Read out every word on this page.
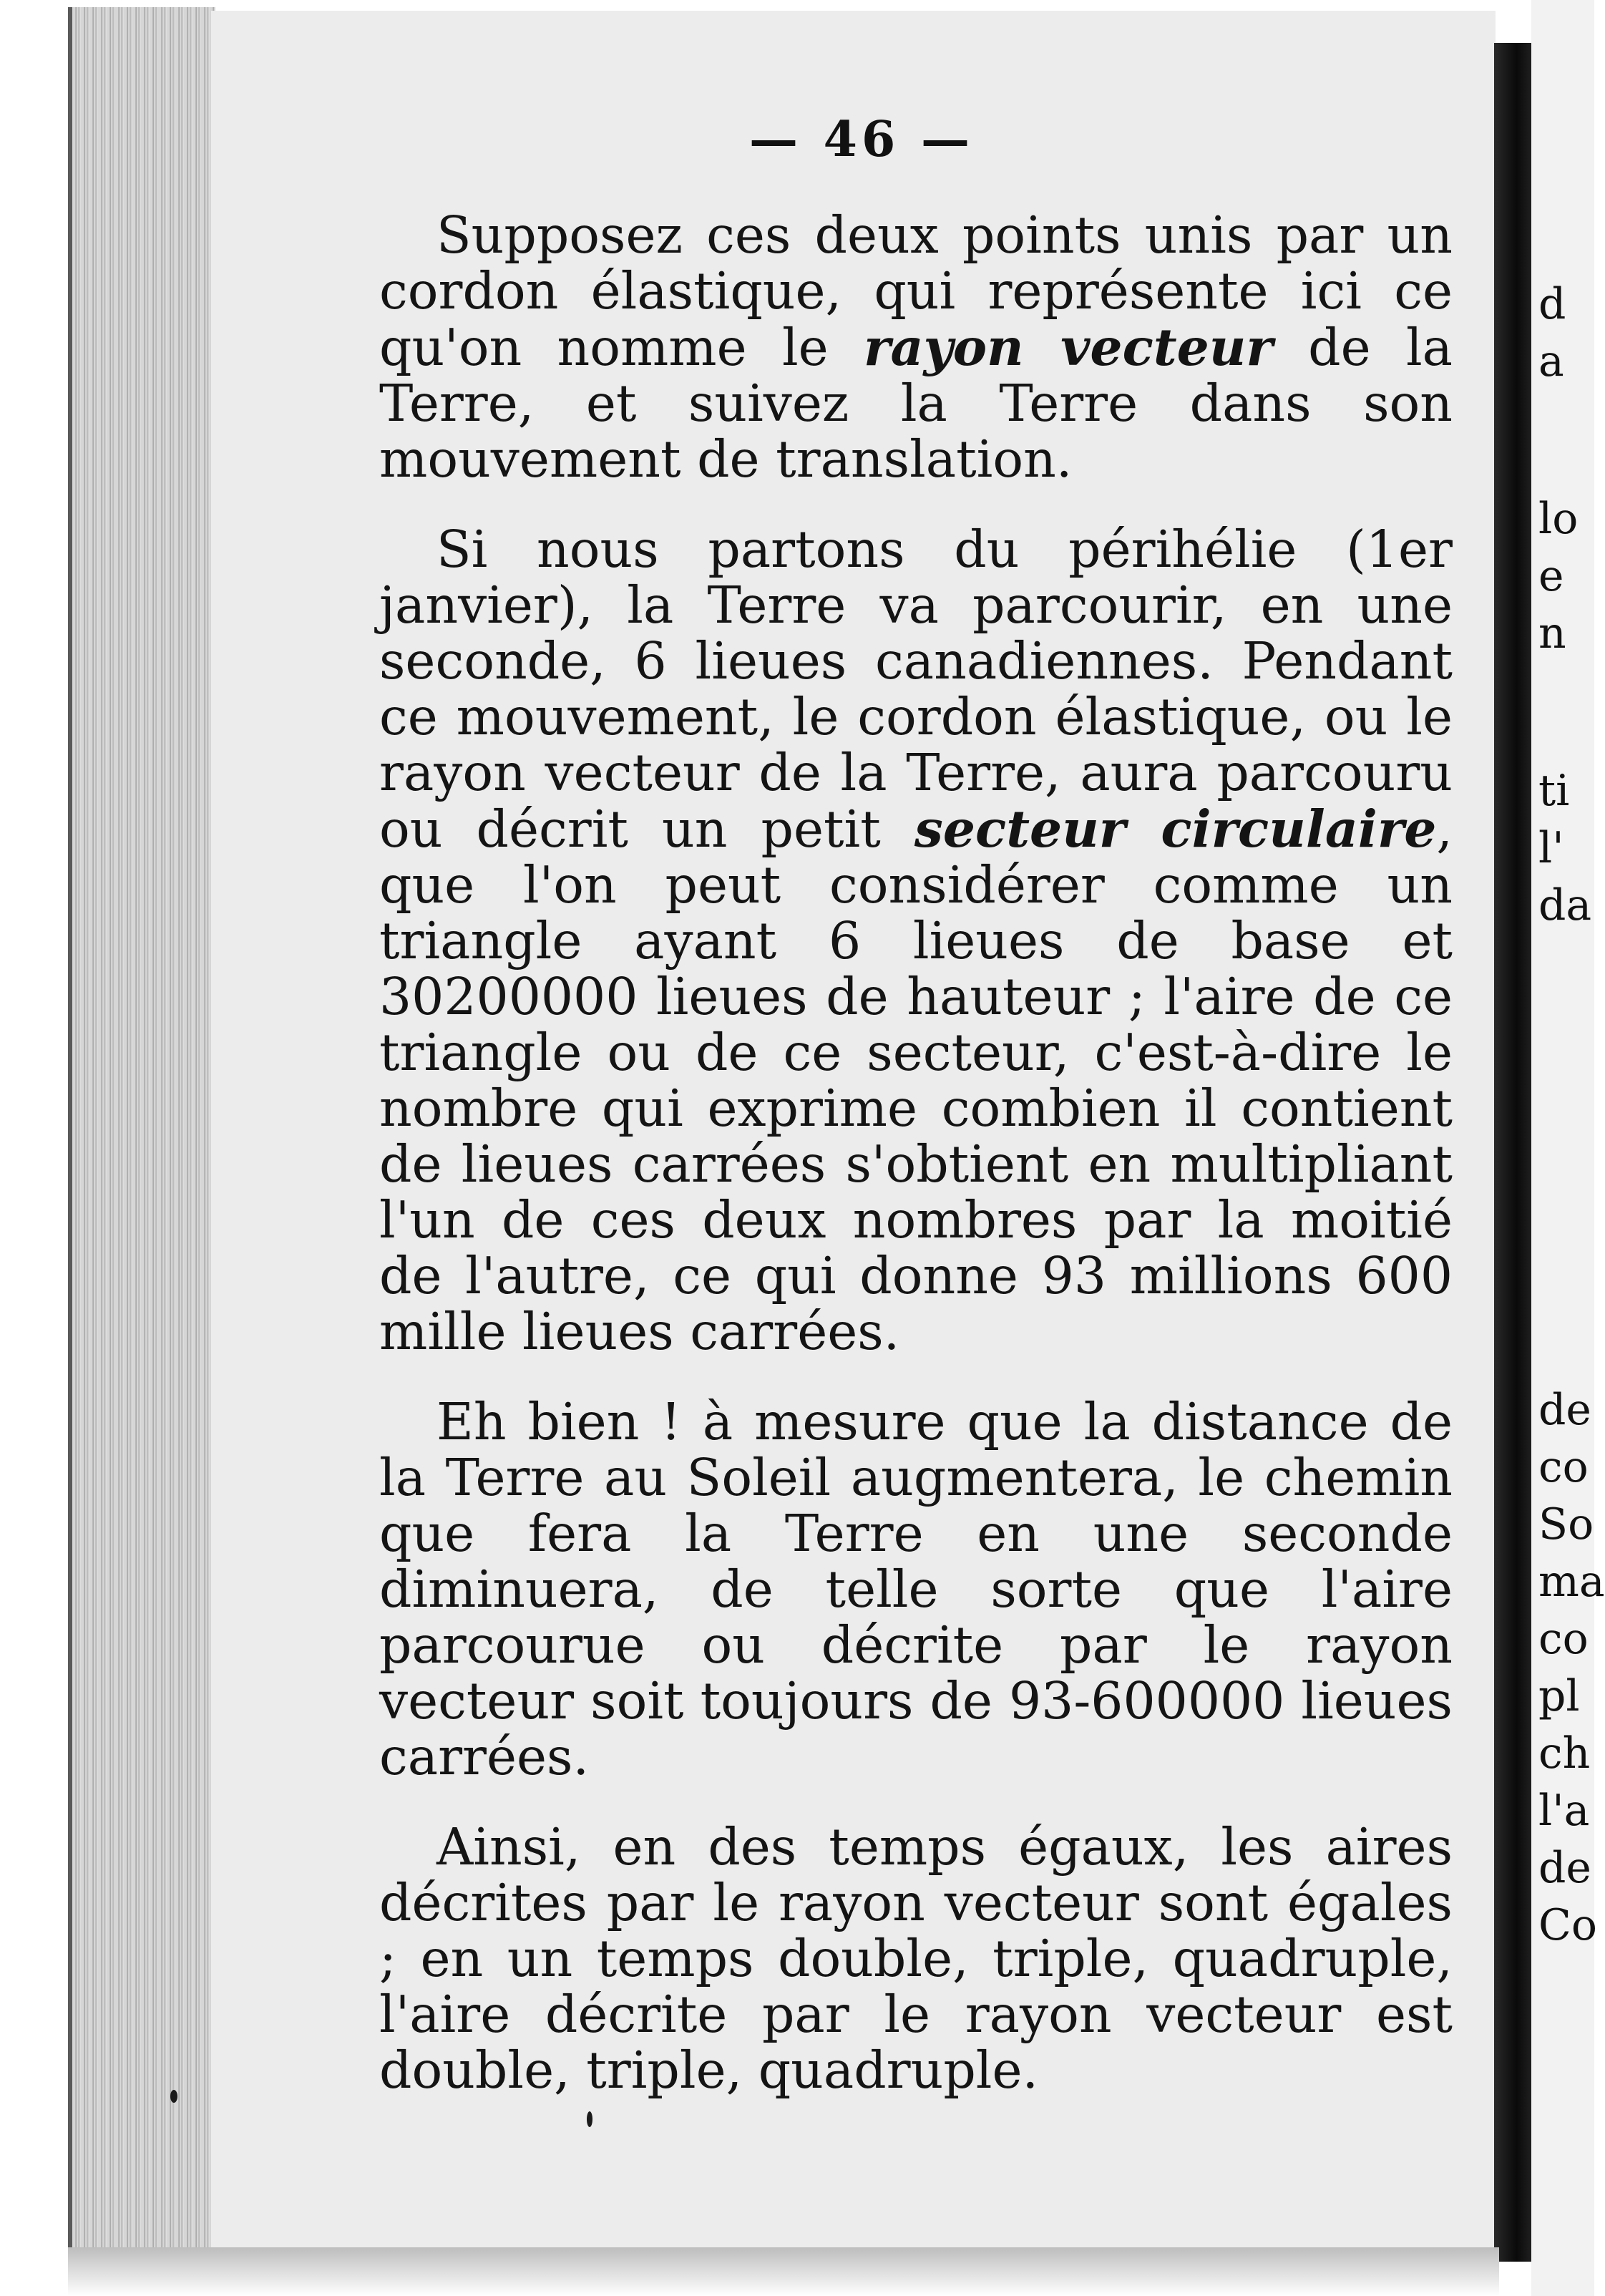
— 46 —

Supposez ces deux points unis par un cordon élastique, qui représente ici ce qu'on nomme le rayon vecteur de la Terre, et suivez la Terre dans son mouvement de translation.

Si nous partons du périhélie (1er janvier), la Terre va parcourir, en une seconde, 6 lieues canadiennes. Pendant ce mouvement, le cordon élastique, ou le rayon vecteur de la Terre, aura parcouru ou décrit un petit secteur circulaire, que l'on peut considérer comme un triangle ayant 6 lieues de base et 30200000 lieues de hauteur ; l'aire de ce triangle ou de ce secteur, c'est-à-dire le nombre qui exprime combien il contient de lieues carrées s'obtient en multipliant l'un de ces deux nombres par la moitié de l'autre, ce qui donne 93 millions 600 mille lieues carrées.

Eh bien ! à mesure que la distance de la Terre au Soleil augmentera, le chemin que fera la Terre en une seconde diminuera, de telle sorte que l'aire parcourue ou décrite par le rayon vecteur soit toujours de 93-600000 lieues carrées.

Ainsi, en des temps égaux, les aires décrites par le rayon vecteur sont égales ; en un temps double, triple, quadruple, l'aire décrite par le rayon vecteur est double, triple, quadruple.

d
a
lo
e
n
ti
l'
da
de
co
So
ma
co
pl
ch
l'a
de
Co
